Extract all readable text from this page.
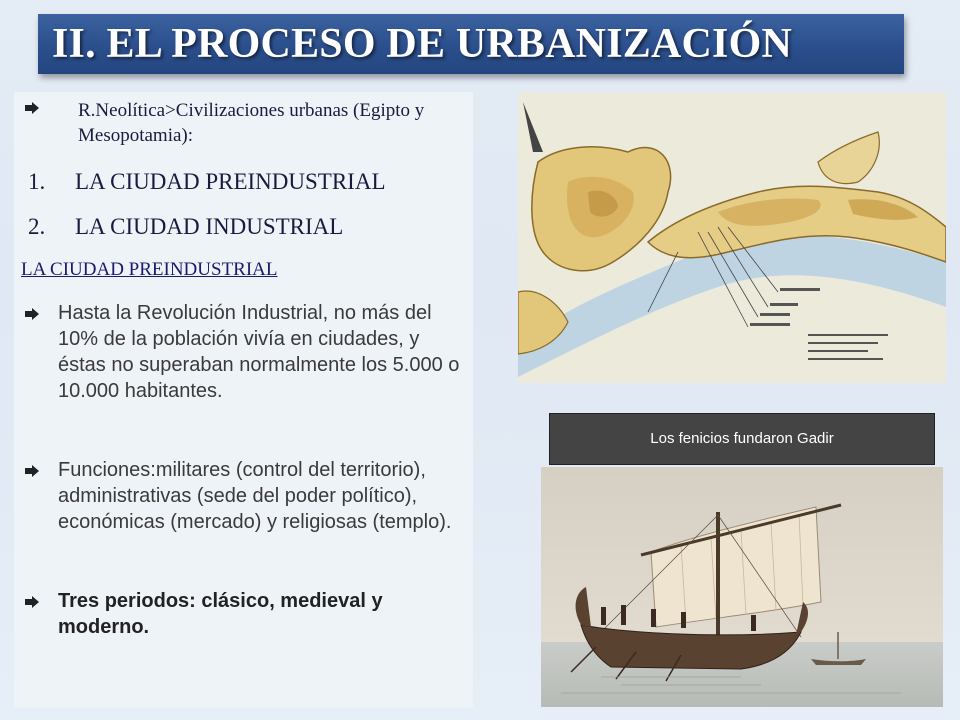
II. EL PROCESO DE URBANIZACIÓN
R.Neolítica>Civilizaciones urbanas (Egipto y Mesopotamia):
1. LA CIUDAD PREINDUSTRIAL
2. LA CIUDAD INDUSTRIAL
LA CIUDAD PREINDUSTRIAL
Hasta la Revolución Industrial, no más del 10% de la población vivía en ciudades, y éstas no superaban normalmente los 5.000 o 10.000 habitantes.
Funciones:militares (control del territorio), administrativas (sede del poder político), económicas (mercado) y religiosas (templo).
Tres periodos: clásico, medieval y moderno.
Los fenicios fundaron Gadir
